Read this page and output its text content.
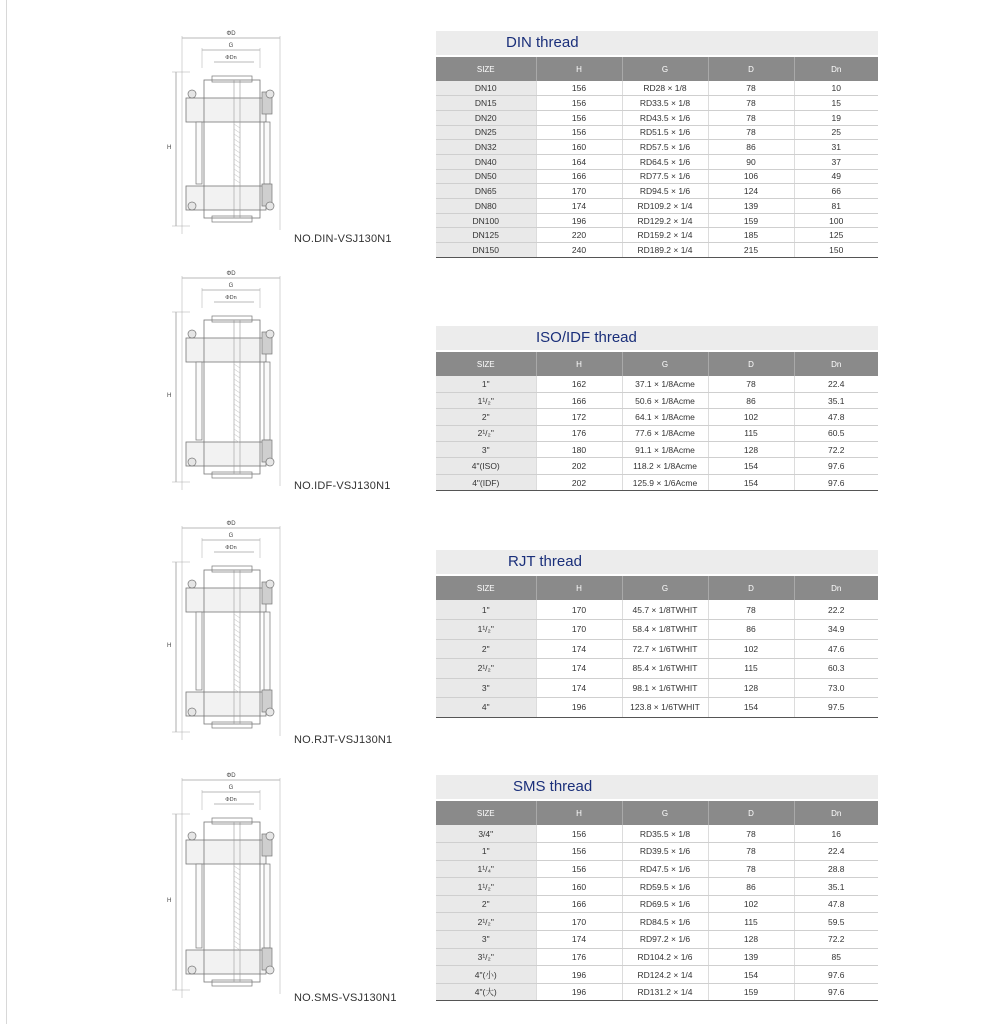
ΦD
G
ΦDn
H
NO.DIN-VSJ130N1
DIN thread
SIZE	H	G	D	Dn
DN10	156	RD28 × 1/8	78	10
DN15	156	RD33.5 × 1/8	78	15
DN20	156	RD43.5 × 1/6	78	19
DN25	156	RD51.5 × 1/6	78	25
DN32	160	RD57.5 × 1/6	86	31
DN40	164	RD64.5 × 1/6	90	37
DN50	166	RD77.5 × 1/6	106	49
DN65	170	RD94.5 × 1/6	124	66
DN80	174	RD109.2 × 1/4	139	81
DN100	196	RD129.2 × 1/4	159	100
DN125	220	RD159.2 × 1/4	185	125
DN150	240	RD189.2 × 1/4	215	150
ΦD
G
ΦDn
H
NO.IDF-VSJ130N1
ISO/IDF thread
SIZE	H	G	D	Dn
1"	162	37.1 × 1/8Acme	78	22.4
1¹/₂"	166	50.6 × 1/8Acme	86	35.1
2"	172	64.1 × 1/8Acme	102	47.8
2¹/₂"	176	77.6 × 1/8Acme	115	60.5
3"	180	91.1 × 1/8Acme	128	72.2
4"(ISO)	202	118.2 × 1/8Acme	154	97.6
4"(IDF)	202	125.9 × 1/6Acme	154	97.6
ΦD
G
ΦDn
H
NO.RJT-VSJ130N1
RJT thread
SIZE	H	G	D	Dn
1"	170	45.7 × 1/8TWHIT	78	22.2
1¹/₂"	170	58.4 × 1/8TWHIT	86	34.9
2"	174	72.7 × 1/6TWHIT	102	47.6
2¹/₂"	174	85.4 × 1/6TWHIT	115	60.3
3"	174	98.1 × 1/6TWHIT	128	73.0
4"	196	123.8 × 1/6TWHIT	154	97.5
ΦD
G
ΦDn
H
NO.SMS-VSJ130N1
SMS thread
SIZE	H	G	D	Dn
3/4"	156	RD35.5 × 1/8	78	16
1"	156	RD39.5 × 1/6	78	22.4
1¹/₄"	156	RD47.5 × 1/6	78	28.8
1¹/₂"	160	RD59.5 × 1/6	86	35.1
2"	166	RD69.5 × 1/6	102	47.8
2¹/₂"	170	RD84.5 × 1/6	115	59.5
3"	174	RD97.2 × 1/6	128	72.2
3¹/₂"	176	RD104.2 × 1/6	139	85
4"(小)	196	RD124.2 × 1/4	154	97.6
4"(大)	196	RD131.2 × 1/4	159	97.6
